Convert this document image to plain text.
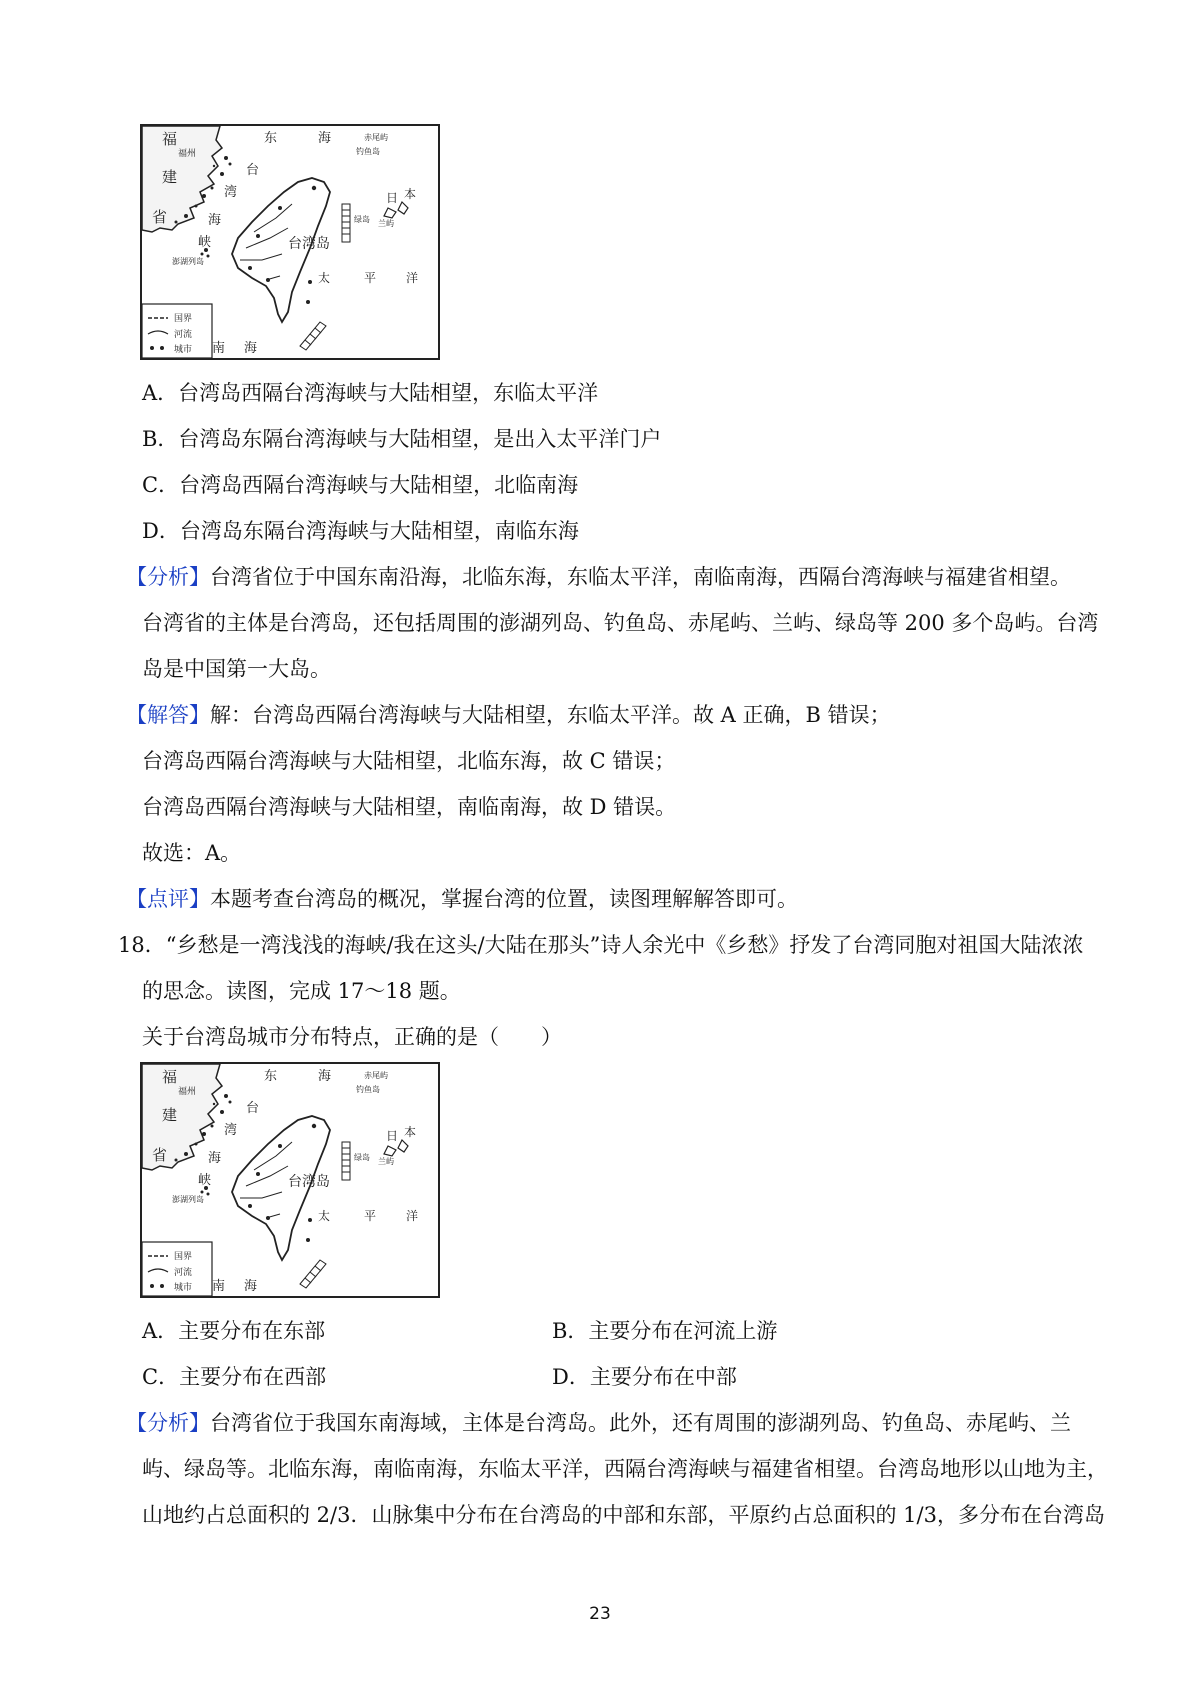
福
建
省
福州
东	海	赤尾屿
钓鱼岛
台
湾
海
峡
澎湖列岛
日 本
绿岛 兰屿
台湾岛
太	平 洋
南 海
国界
河流
城市
A．台湾岛西隔台湾海峡与大陆相望，东临太平洋
B．台湾岛东隔台湾海峡与大陆相望，是出入太平洋门户
C．台湾岛西隔台湾海峡与大陆相望，北临南海
D．台湾岛东隔台湾海峡与大陆相望，南临东海
【分析】台湾省位于中国东南沿海，北临东海，东临太平洋，南临南海，西隔台湾海峡与福建省相望。
台湾省的主体是台湾岛，还包括周围的澎湖列岛、钓鱼岛、赤尾屿、兰屿、绿岛等 200 多个岛屿。台湾
岛是中国第一大岛。
【解答】解：台湾岛西隔台湾海峡与大陆相望，东临太平洋。故 A 正确，B 错误；
台湾岛西隔台湾海峡与大陆相望，北临东海，故 C 错误；
台湾岛西隔台湾海峡与大陆相望，南临南海，故 D 错误。
故选：A。
【点评】本题考查台湾岛的概况，掌握台湾的位置，读图理解解答即可。
18．“乡愁是一湾浅浅的海峡/我在这头/大陆在那头”诗人余光中《乡愁》抒发了台湾同胞对祖国大陆浓浓
的思念。读图，完成 17～18 题。
关于台湾岛城市分布特点，正确的是（　　）
福
建
省
福州
东	海	赤尾屿
钓鱼岛
台
湾
海
峡
澎湖列岛
日 本
绿岛 兰屿
台湾岛
太	平 洋
南 海
国界
河流
城市
A．主要分布在东部	B．主要分布在河流上游
C．主要分布在西部	D．主要分布在中部
【分析】台湾省位于我国东南海域，主体是台湾岛。此外，还有周围的澎湖列岛、钓鱼岛、赤尾屿、兰
屿、绿岛等。北临东海，南临南海，东临太平洋，西隔台湾海峡与福建省相望。台湾岛地形以山地为主，
山地约占总面积的 2/3．山脉集中分布在台湾岛的中部和东部，平原约占总面积的 1/3，多分布在台湾岛
23
